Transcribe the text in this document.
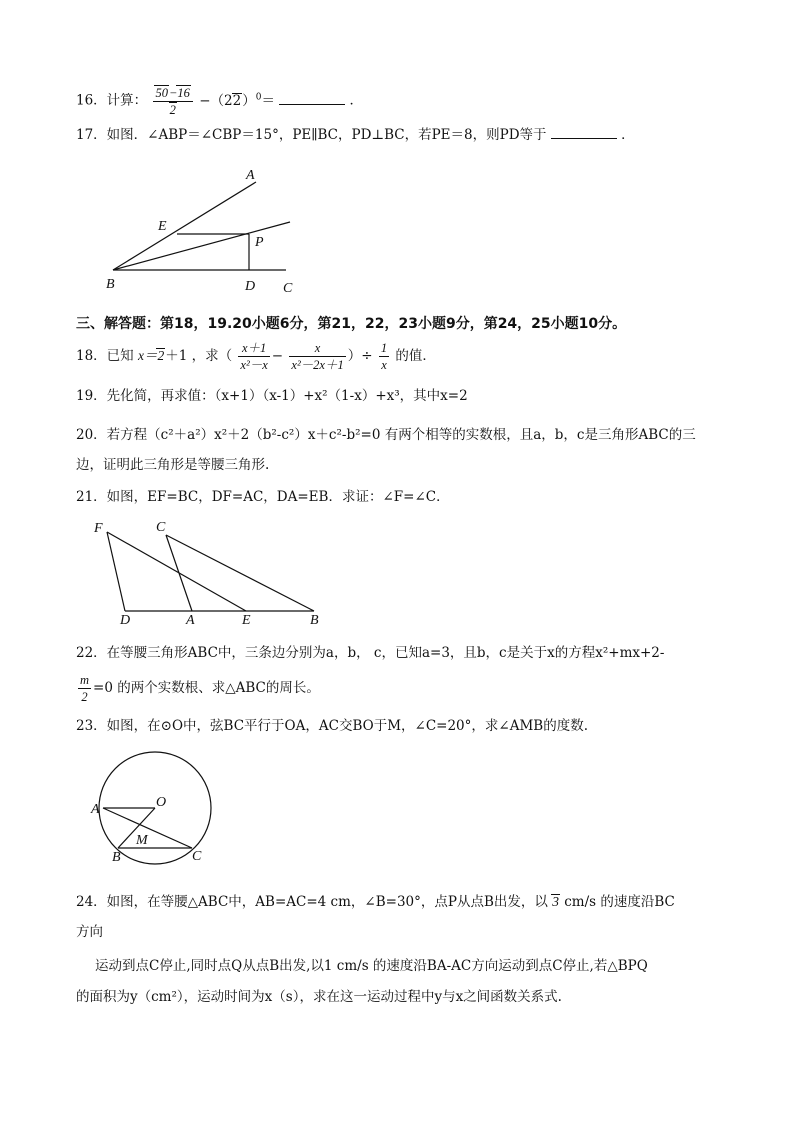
16．计算： $\frac{50-16}{2} -(22)^0=$	．
17．如图．∠ABP＝∠CBP＝15°，PE∥BC，PD⊥BC，若PE＝8，则PD等于	．
A
E
P
B	D C
三、解答题：第18，19.20小题6分，第21，22，23小题9分，第24，25小题10分。
18．已知 x＝2＋1 ，求（ $\frac{x+1}{\text{x²－x}} - \frac{x}{\text{x²－2x＋1}}$ ）÷ $\frac{1}{x}$ 的值．
19．先化简，再求值：（x+1）（x-1）+x²（1-x）+x³，其中x=2
20．若方程（c²＋a²）x²＋2（b²-c²）x＋c²-b²=0 有两个相等的实数根，且a，b，c是三角形ABC的三
边，证明此三角形是等腰三角形.
21．如图，EF=BC，DF=AC，DA=EB．求证：∠F=∠C．
F	C
D	A	E	B
22．在等腰三角形ABC中，三条边分别为a，b， c，已知a=3，且b，c是关于x的方程x²+mx+2-
$\frac{m}{2} =0$ 的两个实数根、求△ABC的周长。
23．如图，在⊙O中，弦BC平行于OA，AC交BO于M，∠C=20°，求∠AMB的度数.
O
A
M
B	C
24．如图，在等腰△ABC中，AB=AC=4 cm，∠B=30°，点P从点B出发，以 3 cm/s 的速度沿BC
方向
运动到点C停止,同时点Q从点B出发,以1 cm/s 的速度沿BA-AC方向运动到点C停止,若△BPQ
的面积为y（cm²），运动时间为x（s），求在这一运动过程中y与x之间函数关系式.
